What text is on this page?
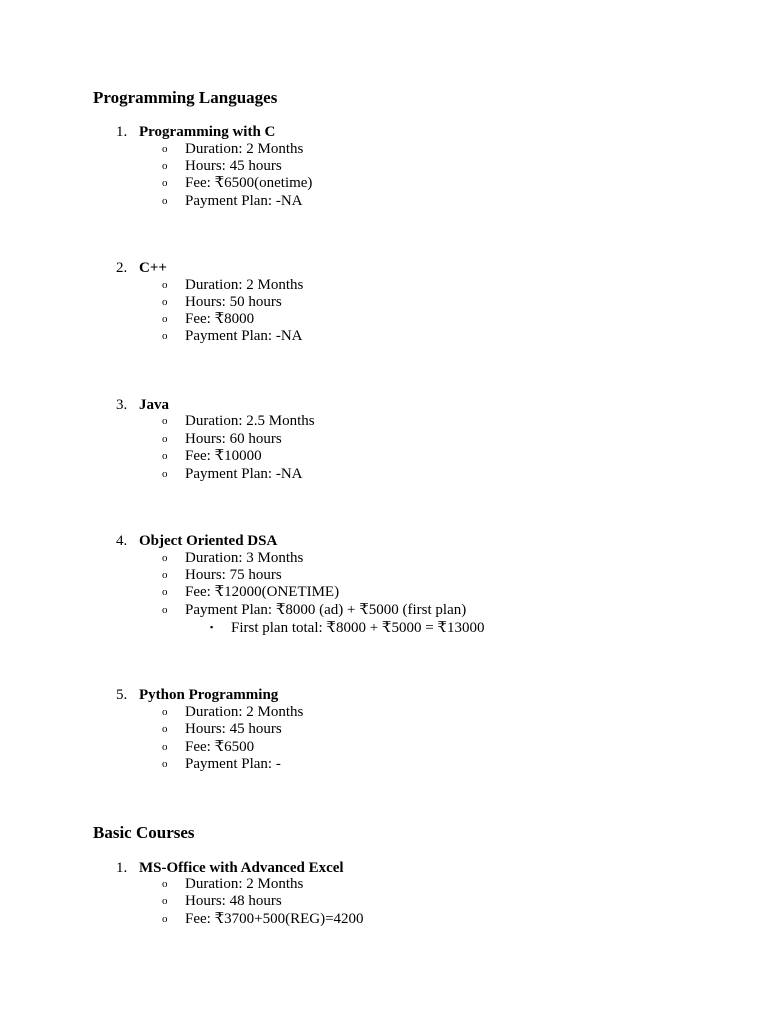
Programming Languages
1. Programming with C
o Duration: 2 Months
o Hours: 45 hours
o Fee: ₹6500(onetime)
o Payment Plan: -NA
2. C++
o Duration: 2 Months
o Hours: 50 hours
o Fee: ₹8000
o Payment Plan: -NA
3. Java
o Duration: 2.5 Months
o Hours: 60 hours
o Fee: ₹10000
o Payment Plan: -NA
4. Object Oriented DSA
o Duration: 3 Months
o Hours: 75 hours
o Fee: ₹12000(ONETIME)
o Payment Plan: ₹8000 (ad) + ₹5000 (first plan)
▪ First plan total: ₹8000 + ₹5000 = ₹13000
5. Python Programming
o Duration: 2 Months
o Hours: 45 hours
o Fee: ₹6500
o Payment Plan: -
Basic Courses
1. MS-Office with Advanced Excel
o Duration: 2 Months
o Hours: 48 hours
o Fee: ₹3700+500(REG)=4200
